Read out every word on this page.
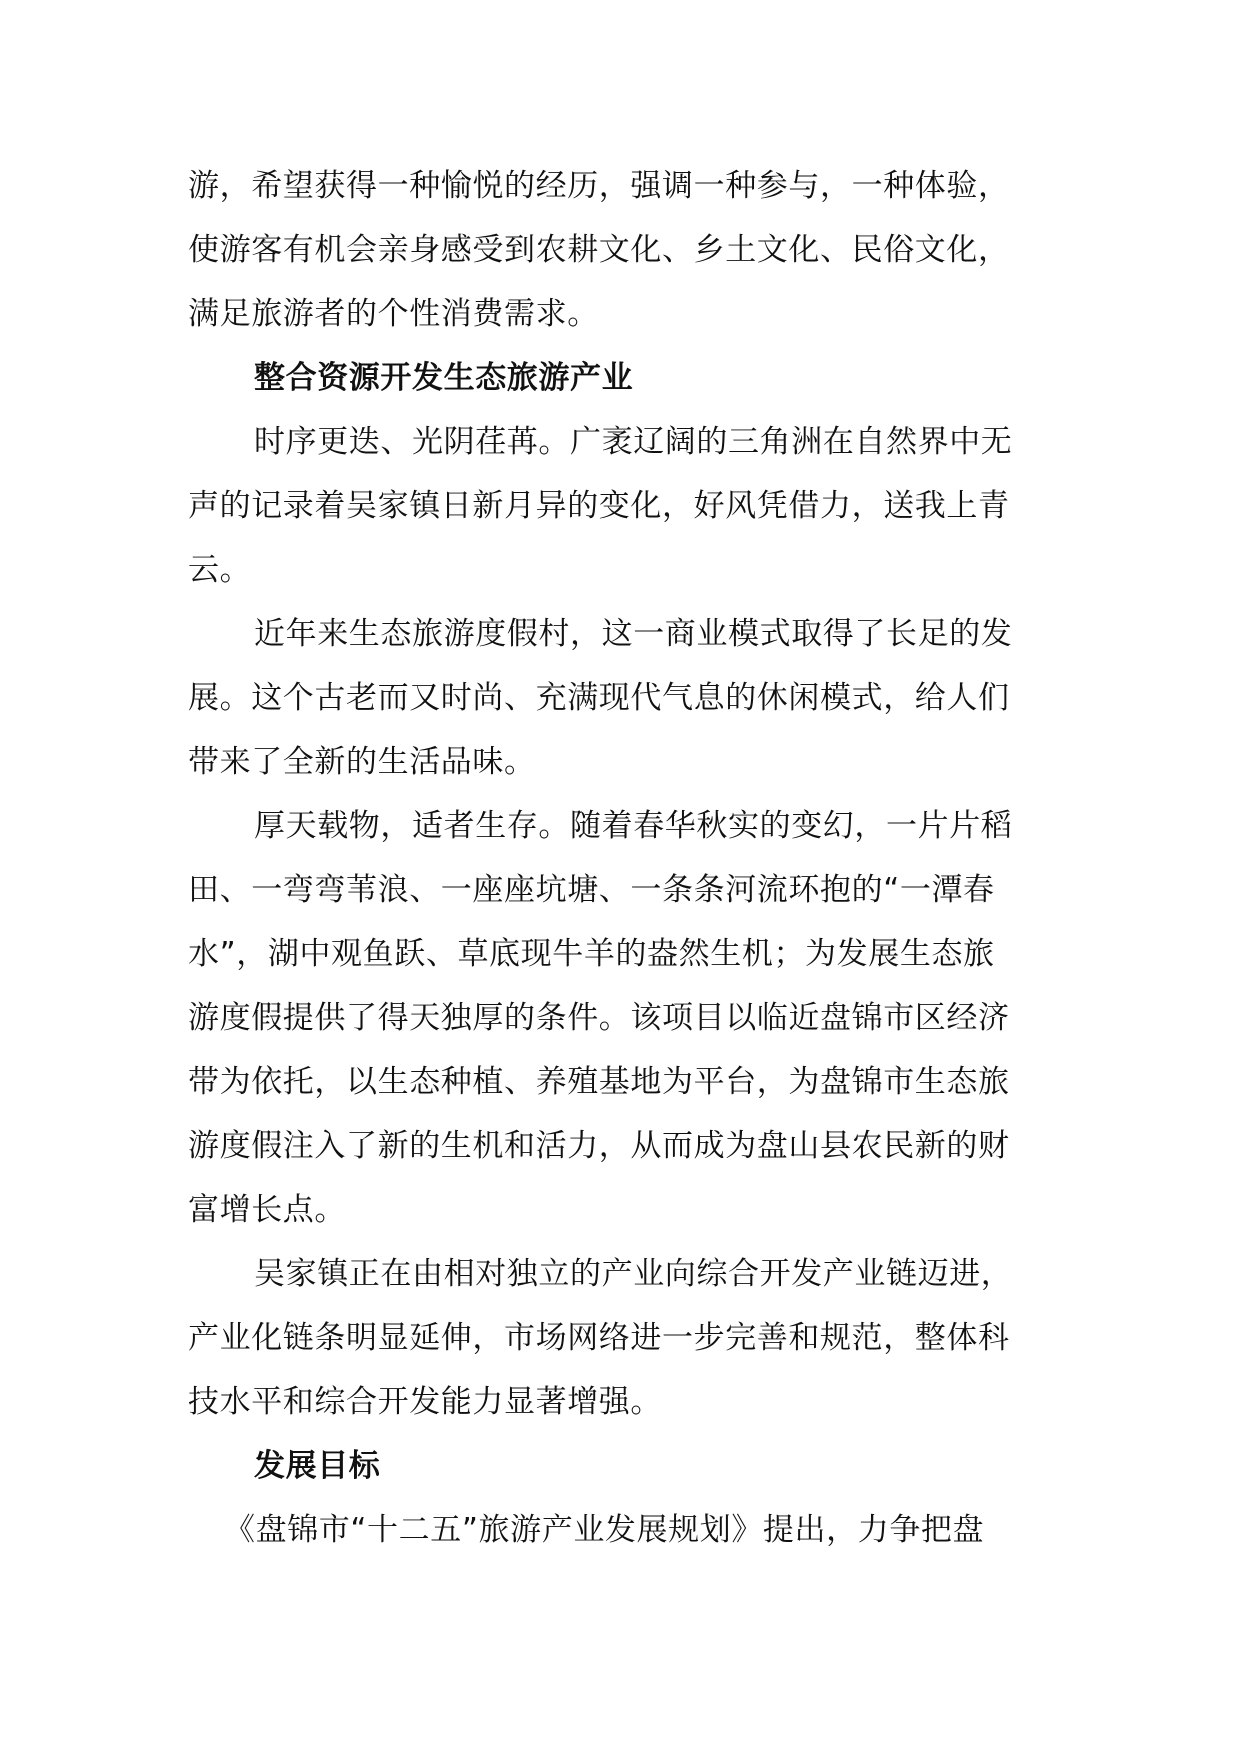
游，希望获得一种愉悦的经历，强调一种参与，一种体验，
使游客有机会亲身感受到农耕文化、乡土文化、民俗文化，
满足旅游者的个性消费需求。
整合资源开发生态旅游产业
时序更迭、光阴荏苒。广袤辽阔的三角洲在自然界中无
声的记录着吴家镇日新月异的变化，好风凭借力，送我上青
云。
近年来生态旅游度假村，这一商业模式取得了长足的发
展。这个古老而又时尚、充满现代气息的休闲模式，给人们
带来了全新的生活品味。
厚天载物，适者生存。随着春华秋实的变幻，一片片稻
田、一弯弯苇浪、一座座坑塘、一条条河流环抱的“一潭春
水”，湖中观鱼跃、草底现牛羊的盎然生机；为发展生态旅
游度假提供了得天独厚的条件。该项目以临近盘锦市区经济
带为依托，以生态种植、养殖基地为平台，为盘锦市生态旅
游度假注入了新的生机和活力，从而成为盘山县农民新的财
富增长点。
吴家镇正在由相对独立的产业向综合开发产业链迈进，
产业化链条明显延伸，市场网络进一步完善和规范，整体科
技水平和综合开发能力显著增强。
发展目标
《盘锦市“十二五”旅游产业发展规划》提出，力争把盘
